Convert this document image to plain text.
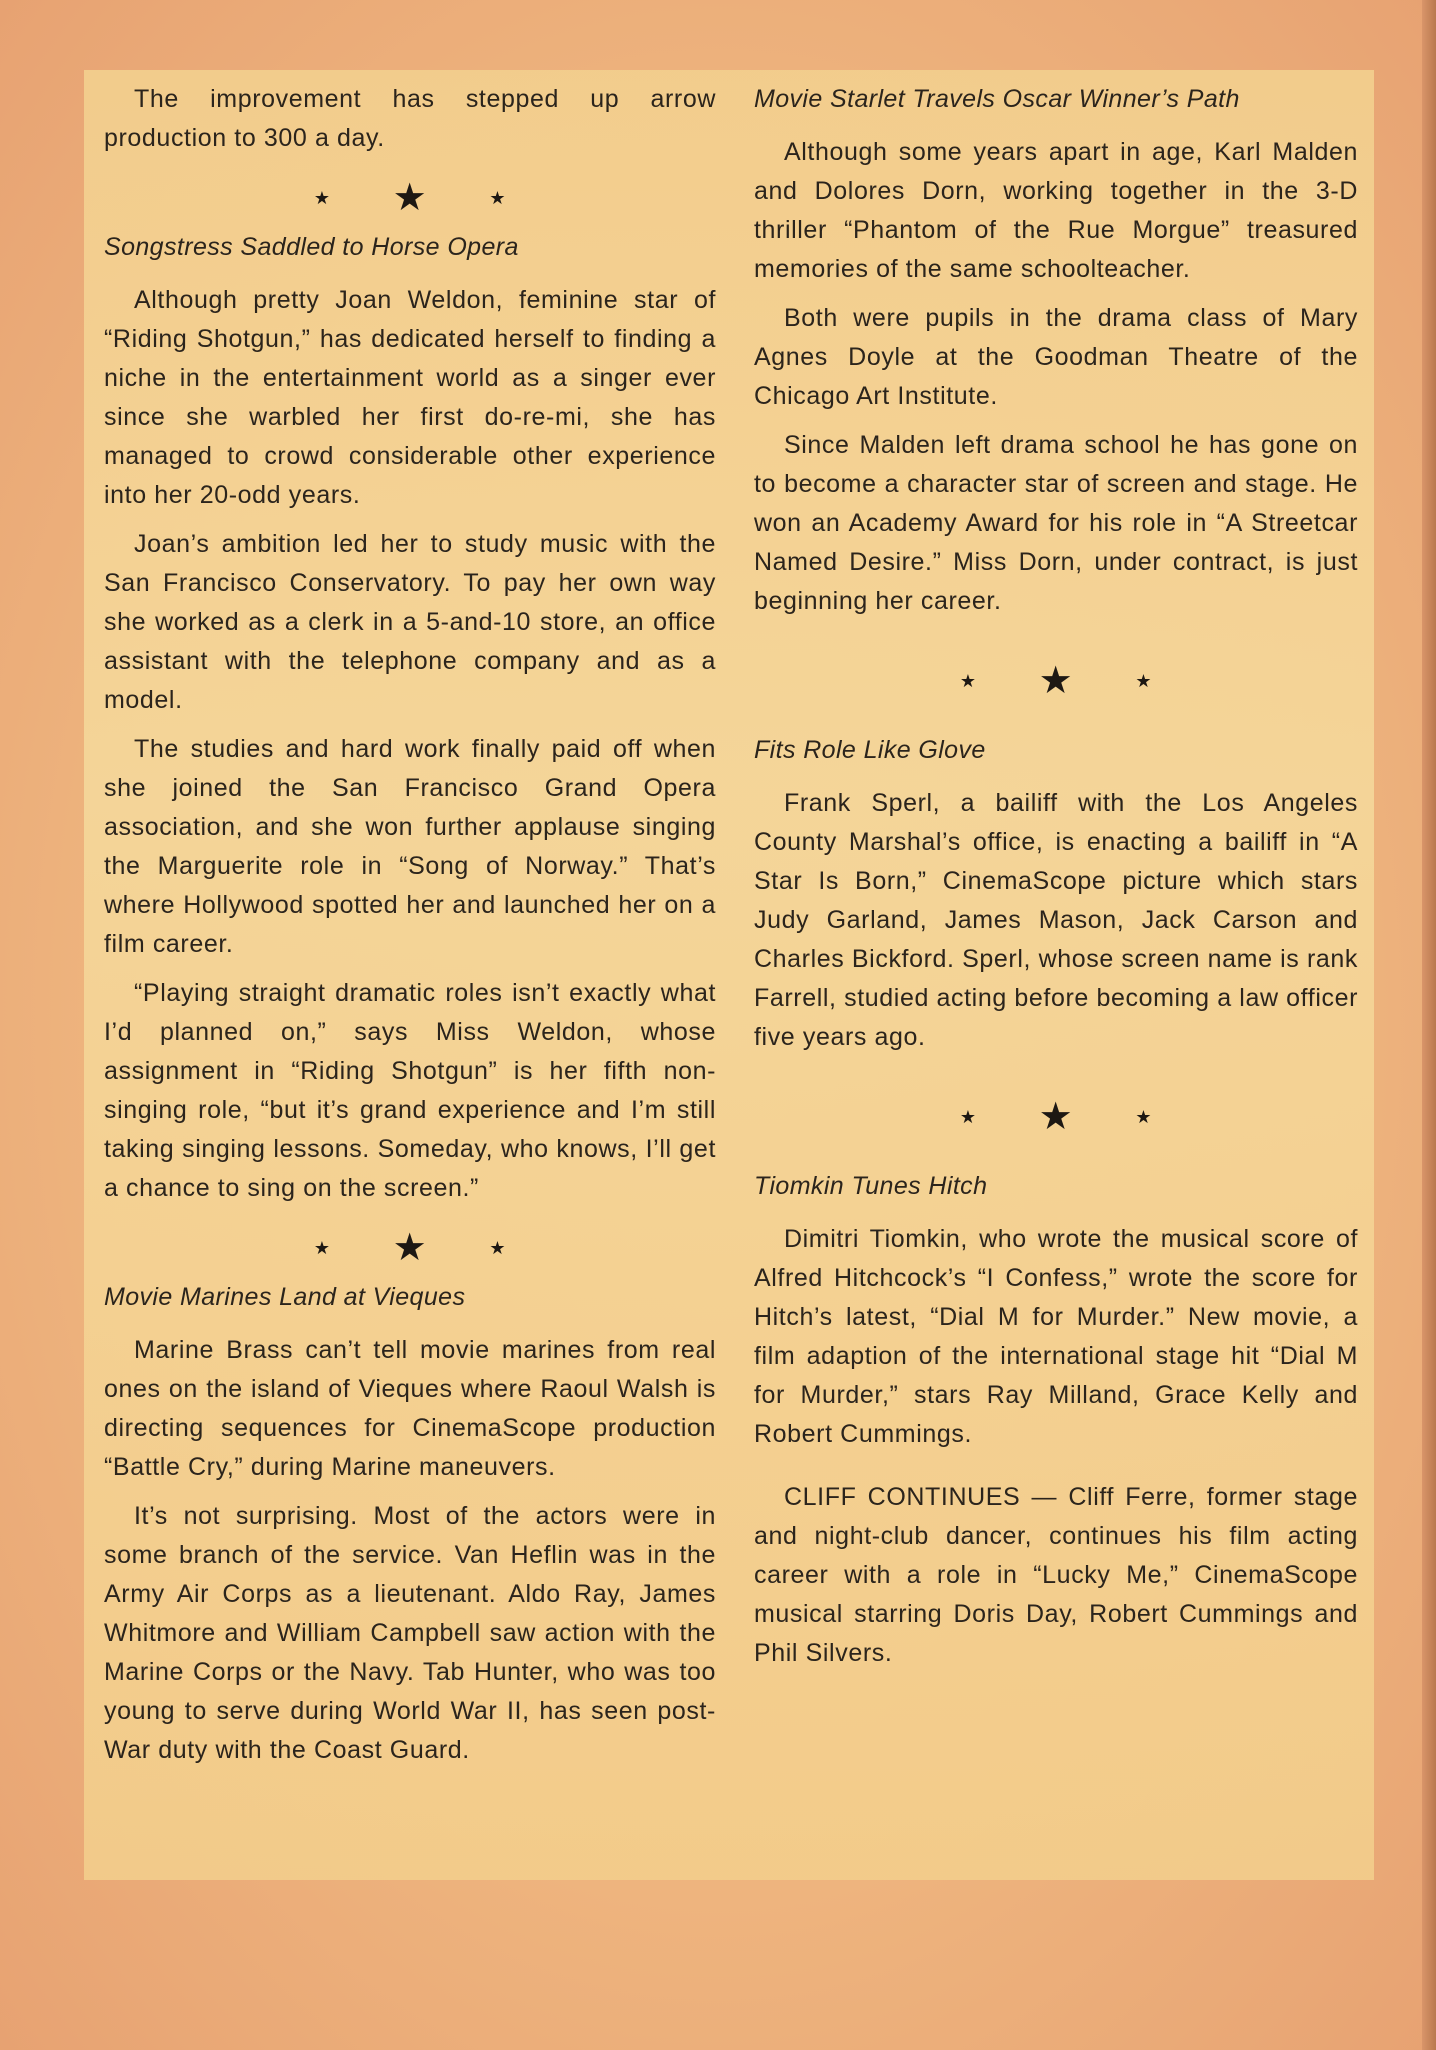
The improvement has stepped up arrow production to 300 a day.

★ ★	★
Songstress Saddled to Horse Opera

Although pretty Joan Weldon, feminine star of “Riding Shotgun,” has dedicated herself to finding a niche in the entertainment world as a singer ever since she warbled her first do-re-mi, she has managed to crowd considerable other experience into her 20-odd years.

Joan’s ambition led her to study music with the San Francisco Conservatory. To pay her own way she worked as a clerk in a 5-and-10 store, an office assistant with the telephone company and as a model.

The studies and hard work finally paid off when she joined the San Francisco Grand Opera association, and she won further applause singing the Marguerite role in “Song of Norway.” That’s where Hollywood spotted her and launched her on a film career.

“Playing straight dramatic roles isn’t exactly what I’d planned on,” says Miss Weldon, whose assignment in “Riding Shotgun” is her fifth non-singing role, “but it’s grand experience and I’m still taking singing lessons. Someday, who knows, I’ll get a chance to sing on the screen.”

★ ★	★
Movie Marines Land at Vieques

Marine Brass can’t tell movie marines from real ones on the island of Vieques where Raoul Walsh is directing sequences for CinemaScope production “Battle Cry,” during Marine maneuvers.

It’s not surprising. Most of the actors were in some branch of the service. Van Heflin was in the Army Air Corps as a lieutenant. Aldo Ray, James Whitmore and William Campbell saw action with the Marine Corps or the Navy. Tab Hunter, who was too young to serve during World War II, has seen post-War duty with the Coast Guard.

Movie Starlet Travels Oscar Winner’s Path

Although some years apart in age, Karl Malden and Dolores Dorn, working together in the 3-D thriller “Phantom of the Rue Morgue” treasured memories of the same schoolteacher.

Both were pupils in the drama class of Mary Agnes Doyle at the Goodman Theatre of the Chicago Art Institute.

Since Malden left drama school he has gone on to become a character star of screen and stage. He won an Academy Award for his role in “A Streetcar Named Desire.” Miss Dorn, under contract, is just beginning her career.

★ ★	★
Fits Role Like Glove

Frank Sperl, a bailiff with the Los Angeles County Marshal’s office, is enacting a bailiff in “A Star Is Born,” CinemaScope picture which stars Judy Garland, James Mason, Jack Carson and Charles Bickford. Sperl, whose screen name is rank Farrell, studied acting before becoming a law officer five years ago.

★ ★	★
Tiomkin Tunes Hitch

Dimitri Tiomkin, who wrote the musical score of Alfred Hitchcock’s “I Confess,” wrote the score for Hitch’s latest, “Dial M for Murder.” New movie, a film adaption of the international stage hit “Dial M for Murder,” stars Ray Milland, Grace Kelly and Robert Cummings.

CLIFF CONTINUES — Cliff Ferre, former stage and night-club dancer, continues his film acting career with a role in “Lucky Me,” CinemaScope musical starring Doris Day, Robert Cummings and Phil Silvers.
